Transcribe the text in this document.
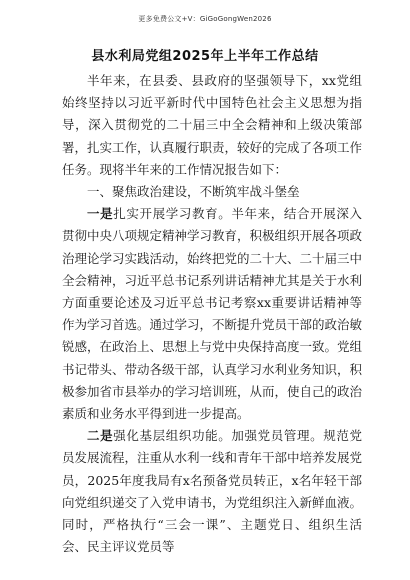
更多免费公文+V：GiGoGongWen2026
县水利局党组2025年上半年工作总结

半年来，在县委、县政府的坚强领导下，xx党组始终坚持以习近平新时代中国特色社会主义思想为指导，深入贯彻党的二十届三中全会精神和上级决策部署，扎实工作，认真履行职责，较好的完成了各项工作任务。现将半年来的工作情况报告如下：

一、聚焦政治建设，不断筑牢战斗堡垒

一是扎实开展学习教育。半年来，结合开展深入贯彻中央八项规定精神学习教育，积极组织开展各项政治理论学习实践活动，始终把党的二十大、二十届三中全会精神，习近平总书记系列讲话精神尤其是关于水利方面重要论述及习近平总书记考察xx重要讲话精神等作为学习首选。通过学习，不断提升党员干部的政治敏锐感，在政治上、思想上与党中央保持高度一致。党组书记带头、带动各级干部，认真学习水利业务知识，积极参加省市县举办的学习培训班，从而，使自己的政治素质和业务水平得到进一步提高。

二是强化基层组织功能。加强党员管理。规范党员发展流程，注重从水利一线和青年干部中培养发展党员，2025年度我局有x名预备党员转正，x名年轻干部向党组织递交了入党申请书，为党组织注入新鲜血液。同时，严格执行“三会一课”、主题党日、组织生活会、民主评议党员等
